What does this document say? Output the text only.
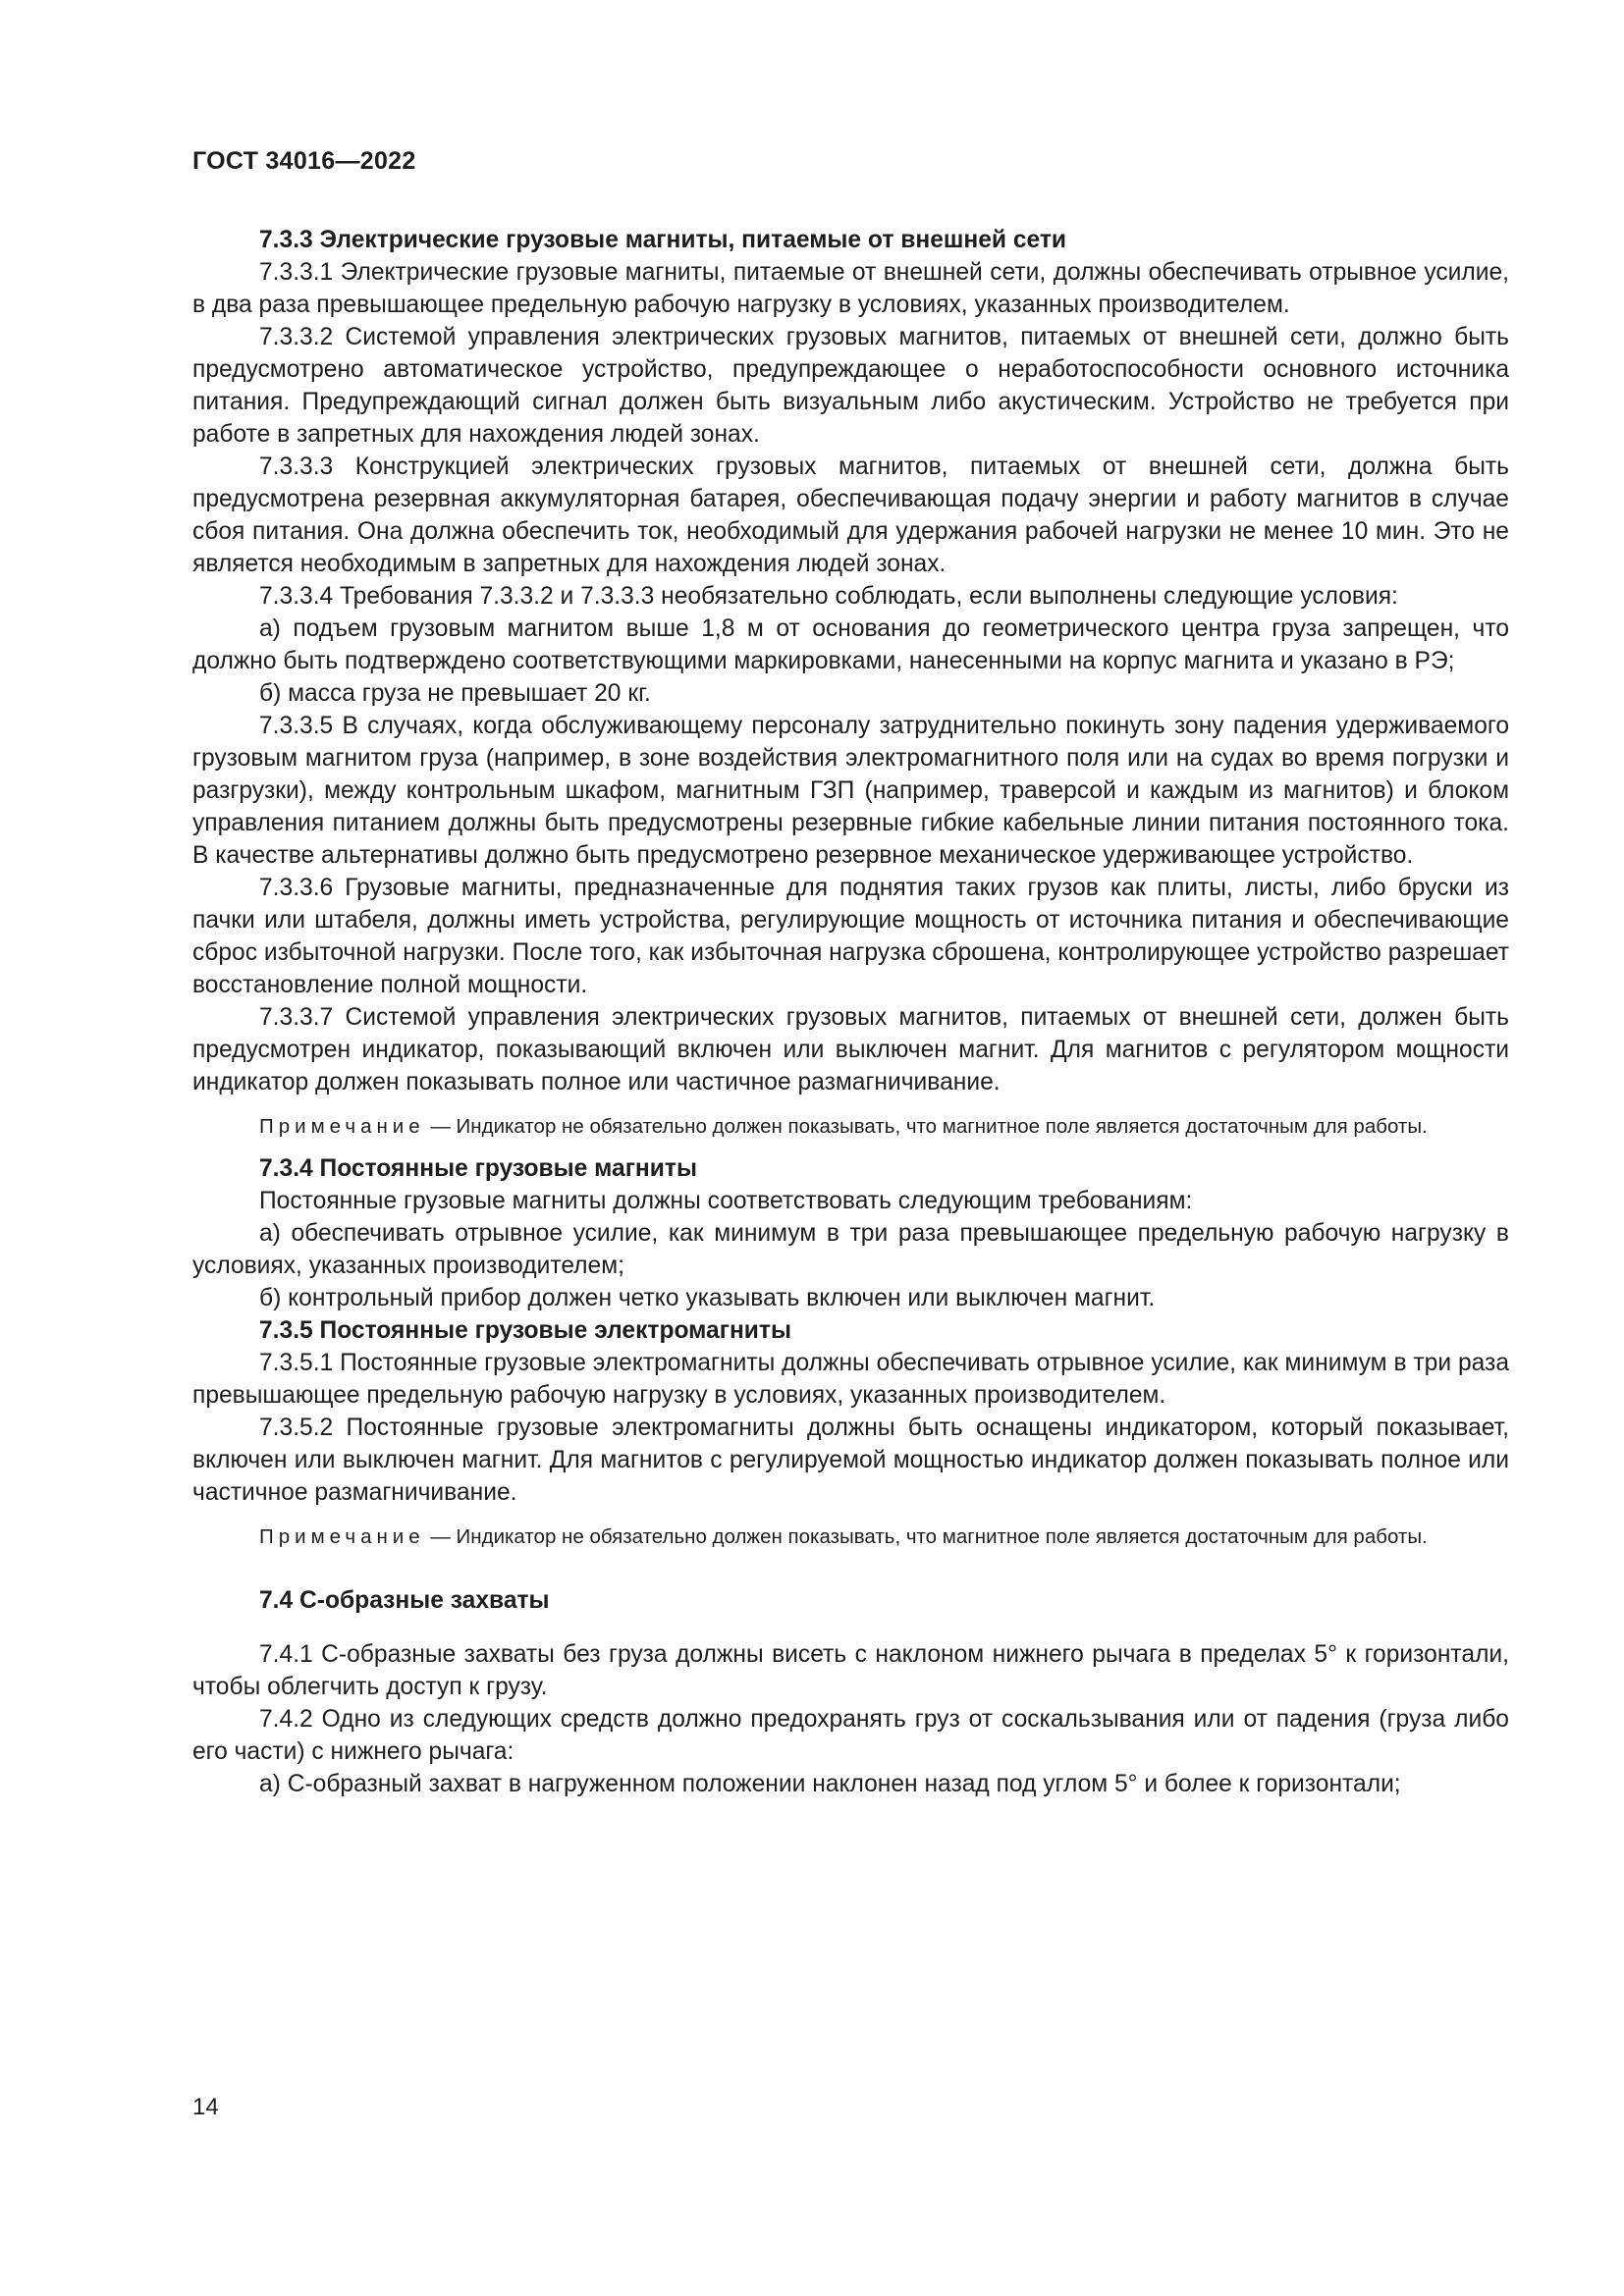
ГОСТ 34016—2022

7.3.3 Электрические грузовые магниты, питаемые от внешней сети

7.3.3.1 Электрические грузовые магниты, питаемые от внешней сети, должны обеспечивать отрывное усилие, в два раза превышающее предельную рабочую нагрузку в условиях, указанных производителем.

7.3.3.2 Системой управления электрических грузовых магнитов, питаемых от внешней сети, должно быть предусмотрено автоматическое устройство, предупреждающее о неработоспособности основного источника питания. Предупреждающий сигнал должен быть визуальным либо акустическим. Устройство не требуется при работе в запретных для нахождения людей зонах.

7.3.3.3 Конструкцией электрических грузовых магнитов, питаемых от внешней сети, должна быть предусмотрена резервная аккумуляторная батарея, обеспечивающая подачу энергии и работу магнитов в случае сбоя питания. Она должна обеспечить ток, необходимый для удержания рабочей нагрузки не менее 10 мин. Это не является необходимым в запретных для нахождения людей зонах.

7.3.3.4 Требования 7.3.3.2 и 7.3.3.3 необязательно соблюдать, если выполнены следующие условия:

а) подъем грузовым магнитом выше 1,8 м от основания до геометрического центра груза запрещен, что должно быть подтверждено соответствующими маркировками, нанесенными на корпус магнита и указано в РЭ;

б) масса груза не превышает 20 кг.

7.3.3.5 В случаях, когда обслуживающему персоналу затруднительно покинуть зону падения удерживаемого грузовым магнитом груза (например, в зоне воздействия электромагнитного поля или на судах во время погрузки и разгрузки), между контрольным шкафом, магнитным ГЗП (например, траверсой и каждым из магнитов) и блоком управления питанием должны быть предусмотрены резервные гибкие кабельные линии питания постоянного тока. В качестве альтернативы должно быть предусмотрено резервное механическое удерживающее устройство.

7.3.3.6 Грузовые магниты, предназначенные для поднятия таких грузов как плиты, листы, либо бруски из пачки или штабеля, должны иметь устройства, регулирующие мощность от источника питания и обеспечивающие сброс избыточной нагрузки. После того, как избыточная нагрузка сброшена, контролирующее устройство разрешает восстановление полной мощности.

7.3.3.7 Системой управления электрических грузовых магнитов, питаемых от внешней сети, должен быть предусмотрен индикатор, показывающий включен или выключен магнит. Для магнитов с регулятором мощности индикатор должен показывать полное или частичное размагничивание.

Примечание — Индикатор не обязательно должен показывать, что магнитное поле является достаточным для работы.

7.3.4 Постоянные грузовые магниты

Постоянные грузовые магниты должны соответствовать следующим требованиям:

а) обеспечивать отрывное усилие, как минимум в три раза превышающее предельную рабочую нагрузку в условиях, указанных производителем;

б) контрольный прибор должен четко указывать включен или выключен магнит.

7.3.5 Постоянные грузовые электромагниты

7.3.5.1 Постоянные грузовые электромагниты должны обеспечивать отрывное усилие, как минимум в три раза превышающее предельную рабочую нагрузку в условиях, указанных производителем.

7.3.5.2 Постоянные грузовые электромагниты должны быть оснащены индикатором, который показывает, включен или выключен магнит. Для магнитов с регулируемой мощностью индикатор должен показывать полное или частичное размагничивание.

Примечание — Индикатор не обязательно должен показывать, что магнитное поле является достаточным для работы.

7.4 С-образные захваты

7.4.1 С-образные захваты без груза должны висеть с наклоном нижнего рычага в пределах 5° к горизонтали, чтобы облегчить доступ к грузу.

7.4.2 Одно из следующих средств должно предохранять груз от соскальзывания или от падения (груза либо его части) с нижнего рычага:

а) С-образный захват в нагруженном положении наклонен назад под углом 5° и более к горизонтали;

14
